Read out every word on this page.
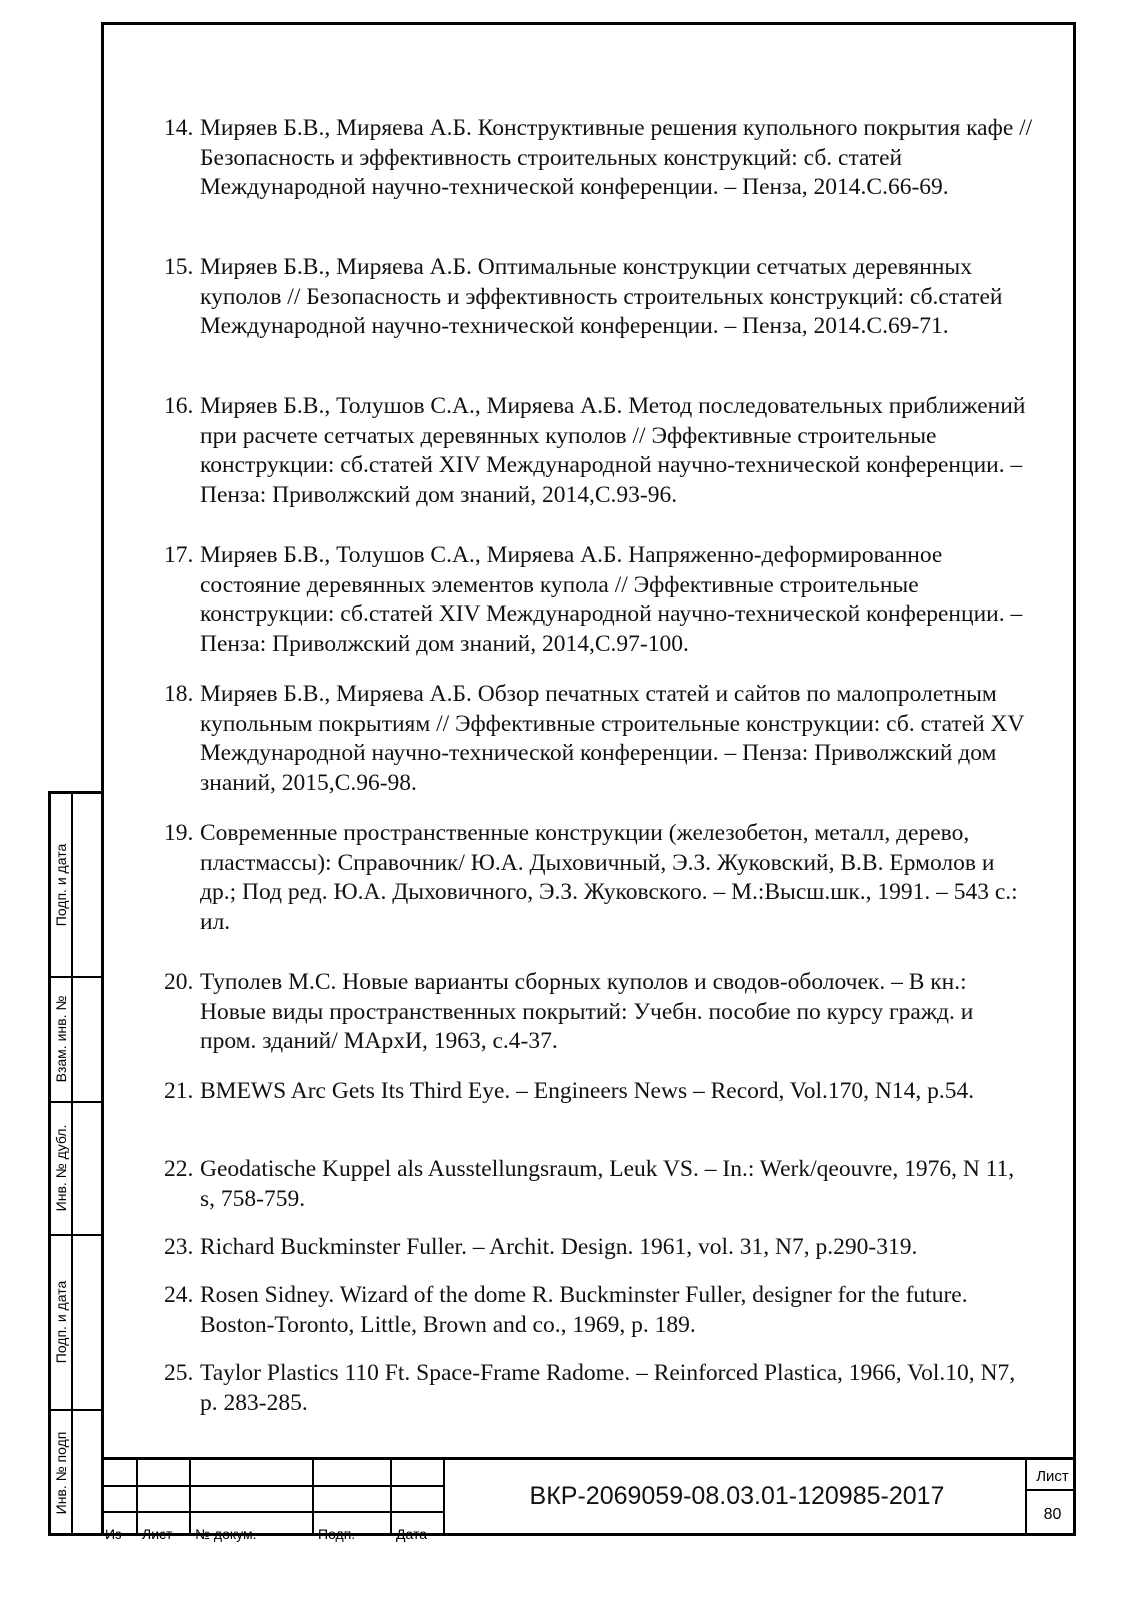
14. Миряев Б.В., Миряева А.Б. Конструктивные решения купольного покрытия кафе // Безопасность и эффективность строительных конструкций: сб. статей Международной научно-технической конференции. – Пенза, 2014.С.66-69.
15. Миряев Б.В., Миряева А.Б. Оптимальные конструкции сетчатых деревянных куполов // Безопасность и эффективность строительных конструкций: сб.статей Международной научно-технической конференции. – Пенза, 2014.С.69-71.
16. Миряев Б.В., Толушов С.А., Миряева А.Б. Метод последовательных приближений при расчете сетчатых деревянных куполов // Эффективные строительные конструкции: сб.статей XIV Международной научно-технической конференции. – Пенза: Приволжский дом знаний, 2014,С.93-96.
17. Миряев Б.В., Толушов С.А., Миряева А.Б. Напряженно-деформированное состояние деревянных элементов купола // Эффективные строительные конструкции: сб.статей XIV Международной научно-технической конференции. – Пенза: Приволжский дом знаний, 2014,С.97-100.
18. Миряев Б.В., Миряева А.Б. Обзор печатных статей и сайтов по малопролетным купольным покрытиям // Эффективные строительные конструкции: сб. статей XV Международной научно-технической конференции. – Пенза: Приволжский дом знаний, 2015,С.96-98.
19. Современные пространственные конструкции (железобетон, металл, дерево, пластмассы): Справочник/ Ю.А. Дыховичный, Э.З. Жуковский, В.В. Ермолов и др.; Под ред. Ю.А. Дыховичного, Э.З. Жуковского. – М.:Высш.шк., 1991. – 543 с.: ил.
20. Туполев М.С. Новые варианты сборных куполов и сводов-оболочек. – В кн.: Новые виды пространственных покрытий: Учебн. пособие по курсу гражд. и пром. зданий/ МАрхИ, 1963, с.4-37.
21. BMEWS Arc Gets Its Third Eye. – Engineers News – Record, Vol.170, N14, p.54.
22. Geodatische Kuppel als Ausstellungsraum, Leuk VS. – In.: Werk/qeouvre, 1976, N 11, s, 758-759.
23. Richard Buckminster Fuller. – Archit. Design. 1961, vol. 31, N7, p.290-319.
24. Rosen Sidney. Wizard of the dome R. Buckminster Fuller, designer for the future. Boston-Toronto, Little, Brown and co., 1969, p. 189.
25. Taylor Plastics 110 Ft. Space-Frame Radome. – Reinforced Plastica, 1966, Vol.10, N7, p. 283-285.
Подп. и дата
Взам. инв. №
Инв. № дубл.
Подп. и дата
Инв. № подп
Из Лист № докум.	Подп.	Дата
ВКР-2069059-08.03.01-120985-2017
Лист
80
